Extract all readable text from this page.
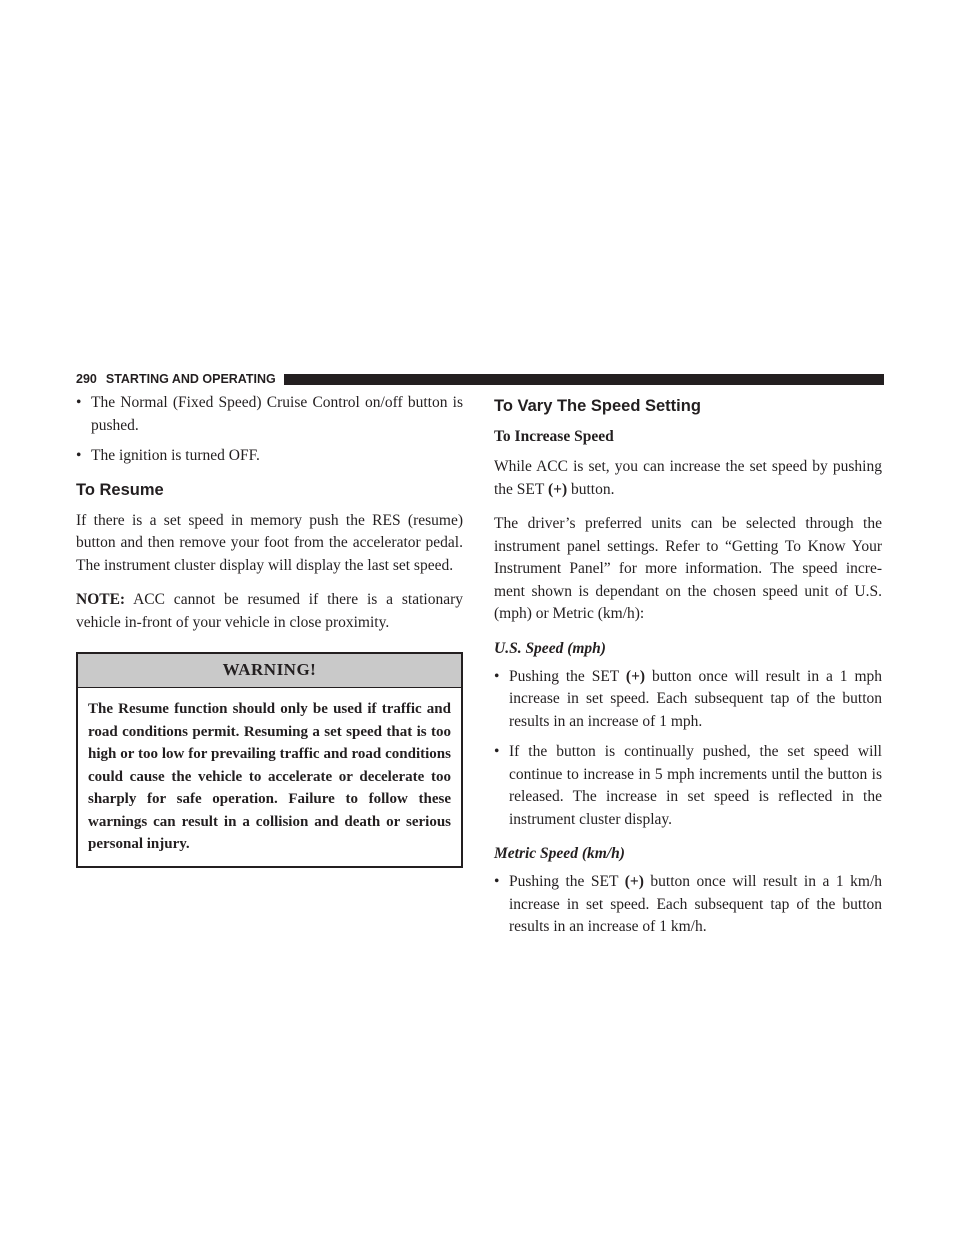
290 STARTING AND OPERATING
• The Normal (Fixed Speed) Cruise Control on/off button is pushed.
• The ignition is turned OFF.
To Resume

If there is a set speed in memory push the RES (resume) button and then remove your foot from the accelerator pedal. The instrument cluster display will display the last set speed.

NOTE: ACC cannot be resumed if there is a stationary vehicle in-front of your vehicle in close proximity.

WARNING!
The Resume function should only be used if traffic and road conditions permit. Resuming a set speed that is too high or too low for prevailing traffic and road conditions could cause the vehicle to accelerate or decelerate too sharply for safe operation. Failure to follow these warnings can result in a collision and death or serious personal injury.
To Vary The Speed Setting
To Increase Speed

While ACC is set, you can increase the set speed by pushing the SET (+) button.

The driver’s preferred units can be selected through the instrument panel settings. Refer to “Getting To Know Your Instrument Panel” for more information. The speed incre-ment shown is dependant on the chosen speed unit of U.S. (mph) or Metric (km/h):

U.S. Speed (mph)
• Pushing the SET (+) button once will result in a 1 mph increase in set speed. Each subsequent tap of the button results in an increase of 1 mph.
• If the button is continually pushed, the set speed will continue to increase in 5 mph increments until the button is released. The increase in set speed is reflected in the instrument cluster display.
Metric Speed (km/h)
• Pushing the SET (+) button once will result in a 1 km/h increase in set speed. Each subsequent tap of the button results in an increase of 1 km/h.
